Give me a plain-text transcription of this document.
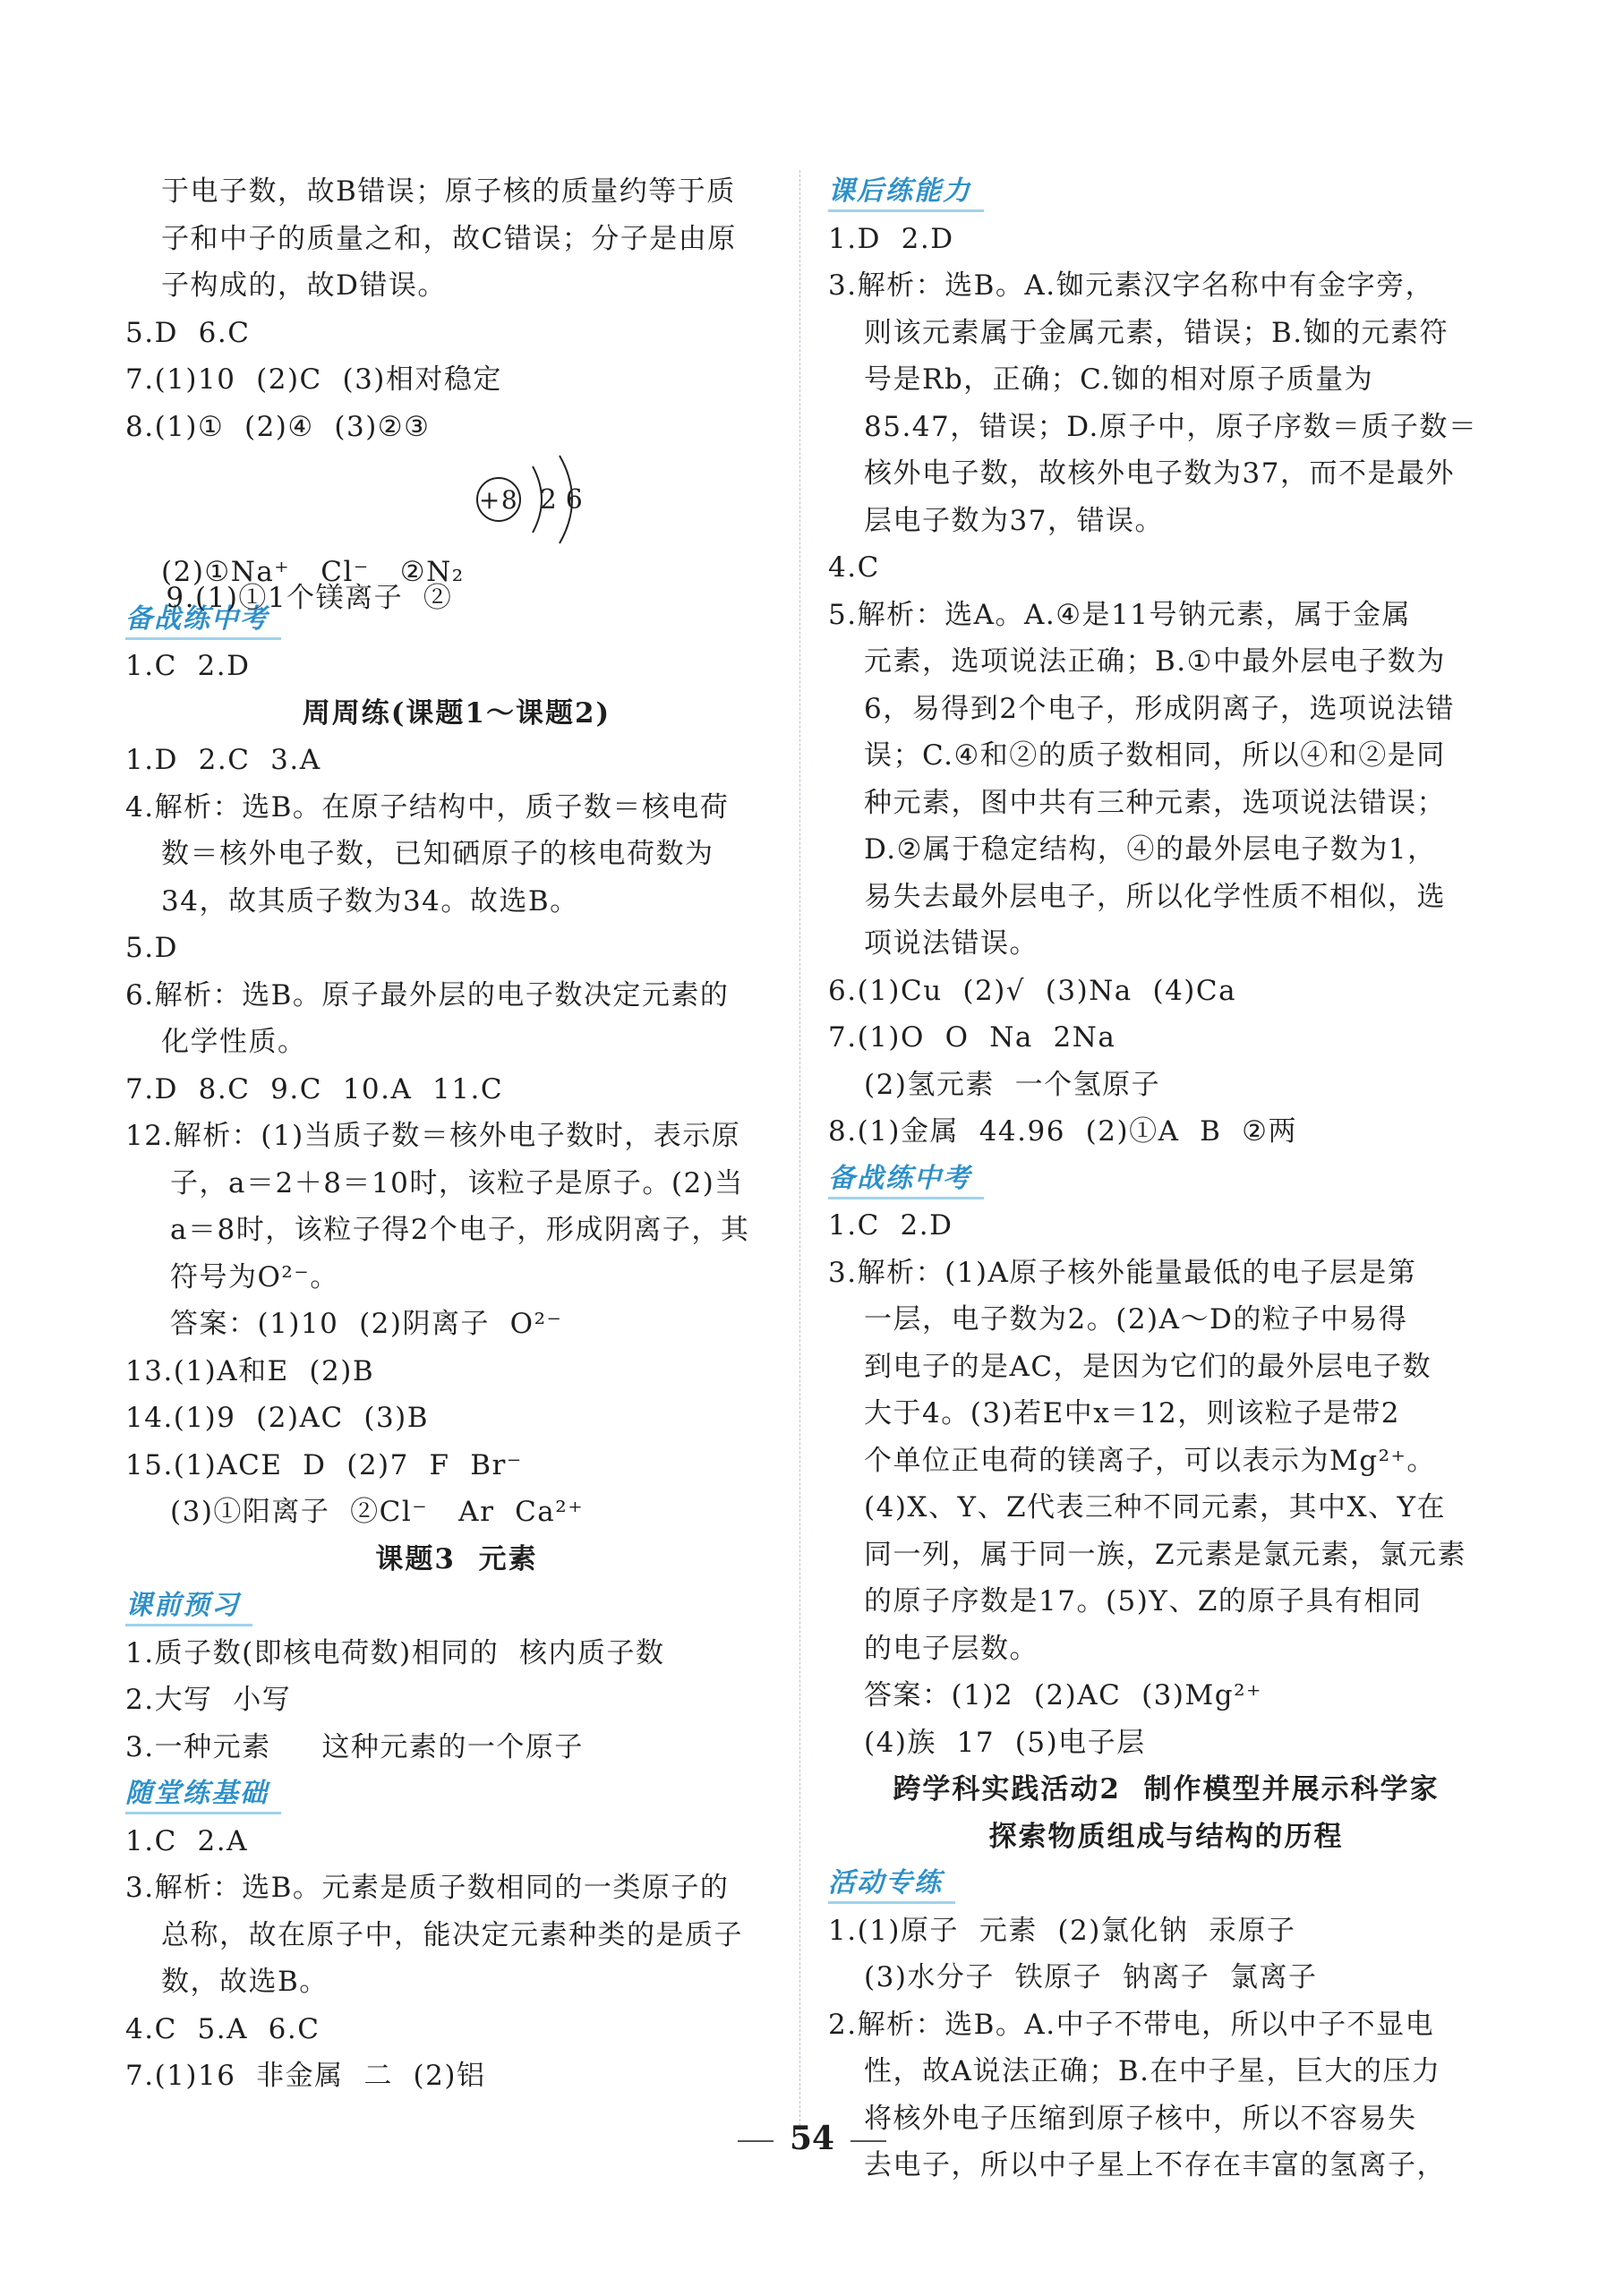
于电子数，故B错误；原子核的质量约等于质
子和中子的质量之和，故C错误；分子是由原
子构成的，故D错误。
5.D  6.C
7.(1)10  (2)C  (3)相对稳定
8.(1)①  (2)④  (3)②③

9.(1)①1个镁离子  ②

+8 2 6

(2)①Na⁺   Cl⁻   ②N₂
备战练中考
1.C  2.D
周周练(课题1～课题2)
1.D  2.C  3.A
4.解析：选B。在原子结构中，质子数＝核电荷
数＝核外电子数，已知硒原子的核电荷数为
34，故其质子数为34。故选B。
5.D
6.解析：选B。原子最外层的电子数决定元素的
化学性质。
7.D  8.C  9.C  10.A  11.C
12.解析：(1)当质子数＝核外电子数时，表示原
子，a＝2＋8＝10时，该粒子是原子。(2)当
a＝8时，该粒子得2个电子，形成阴离子，其
符号为O²⁻。
答案：(1)10  (2)阴离子  O²⁻
13.(1)A和E  (2)B
14.(1)9  (2)AC  (3)B
15.(1)ACE  D  (2)7  F  Br⁻
(3)①阳离子  ②Cl⁻   Ar  Ca²⁺
课题3  元素
课前预习
1.质子数(即核电荷数)相同的  核内质子数
2.大写  小写
3.一种元素     这种元素的一个原子
随堂练基础
1.C  2.A
3.解析：选B。元素是质子数相同的一类原子的
总称，故在原子中，能决定元素种类的是质子
数，故选B。
4.C  5.A  6.C
7.(1)16  非金属  二  (2)铝
课后练能力
1.D  2.D
3.解析：选B。A.铷元素汉字名称中有金字旁，
则该元素属于金属元素，错误；B.铷的元素符
号是Rb，正确；C.铷的相对原子质量为
85.47，错误；D.原子中，原子序数＝质子数＝
核外电子数，故核外电子数为37，而不是最外
层电子数为37，错误。
4.C
5.解析：选A。A.④是11号钠元素，属于金属
元素，选项说法正确；B.①中最外层电子数为
6，易得到2个电子，形成阴离子，选项说法错
误；C.④和②的质子数相同，所以④和②是同
种元素，图中共有三种元素，选项说法错误；
D.②属于稳定结构，④的最外层电子数为1，
易失去最外层电子，所以化学性质不相似，选
项说法错误。
6.(1)Cu  (2)√  (3)Na  (4)Ca
7.(1)O  O  Na  2Na
(2)氢元素  一个氢原子
8.(1)金属  44.96  (2)①A  B  ②两
备战练中考
1.C  2.D
3.解析：(1)A原子核外能量最低的电子层是第
一层，电子数为2。(2)A～D的粒子中易得
到电子的是AC，是因为它们的最外层电子数
大于4。(3)若E中x＝12，则该粒子是带2
个单位正电荷的镁离子，可以表示为Mg²⁺。
(4)X、Y、Z代表三种不同元素，其中X、Y在
同一列，属于同一族，Z元素是氯元素，氯元素
的原子序数是17。(5)Y、Z的原子具有相同
的电子层数。
答案：(1)2  (2)AC  (3)Mg²⁺
(4)族  17  (5)电子层
跨学科实践活动2  制作模型并展示科学家
探索物质组成与结构的历程
活动专练
1.(1)原子  元素  (2)氯化钠  汞原子
(3)水分子  铁原子  钠离子  氯离子
2.解析：选B。A.中子不带电，所以中子不显电
性，故A说法正确；B.在中子星，巨大的压力
将核外电子压缩到原子核中，所以不容易失
去电子，所以中子星上不存在丰富的氢离子，
54
